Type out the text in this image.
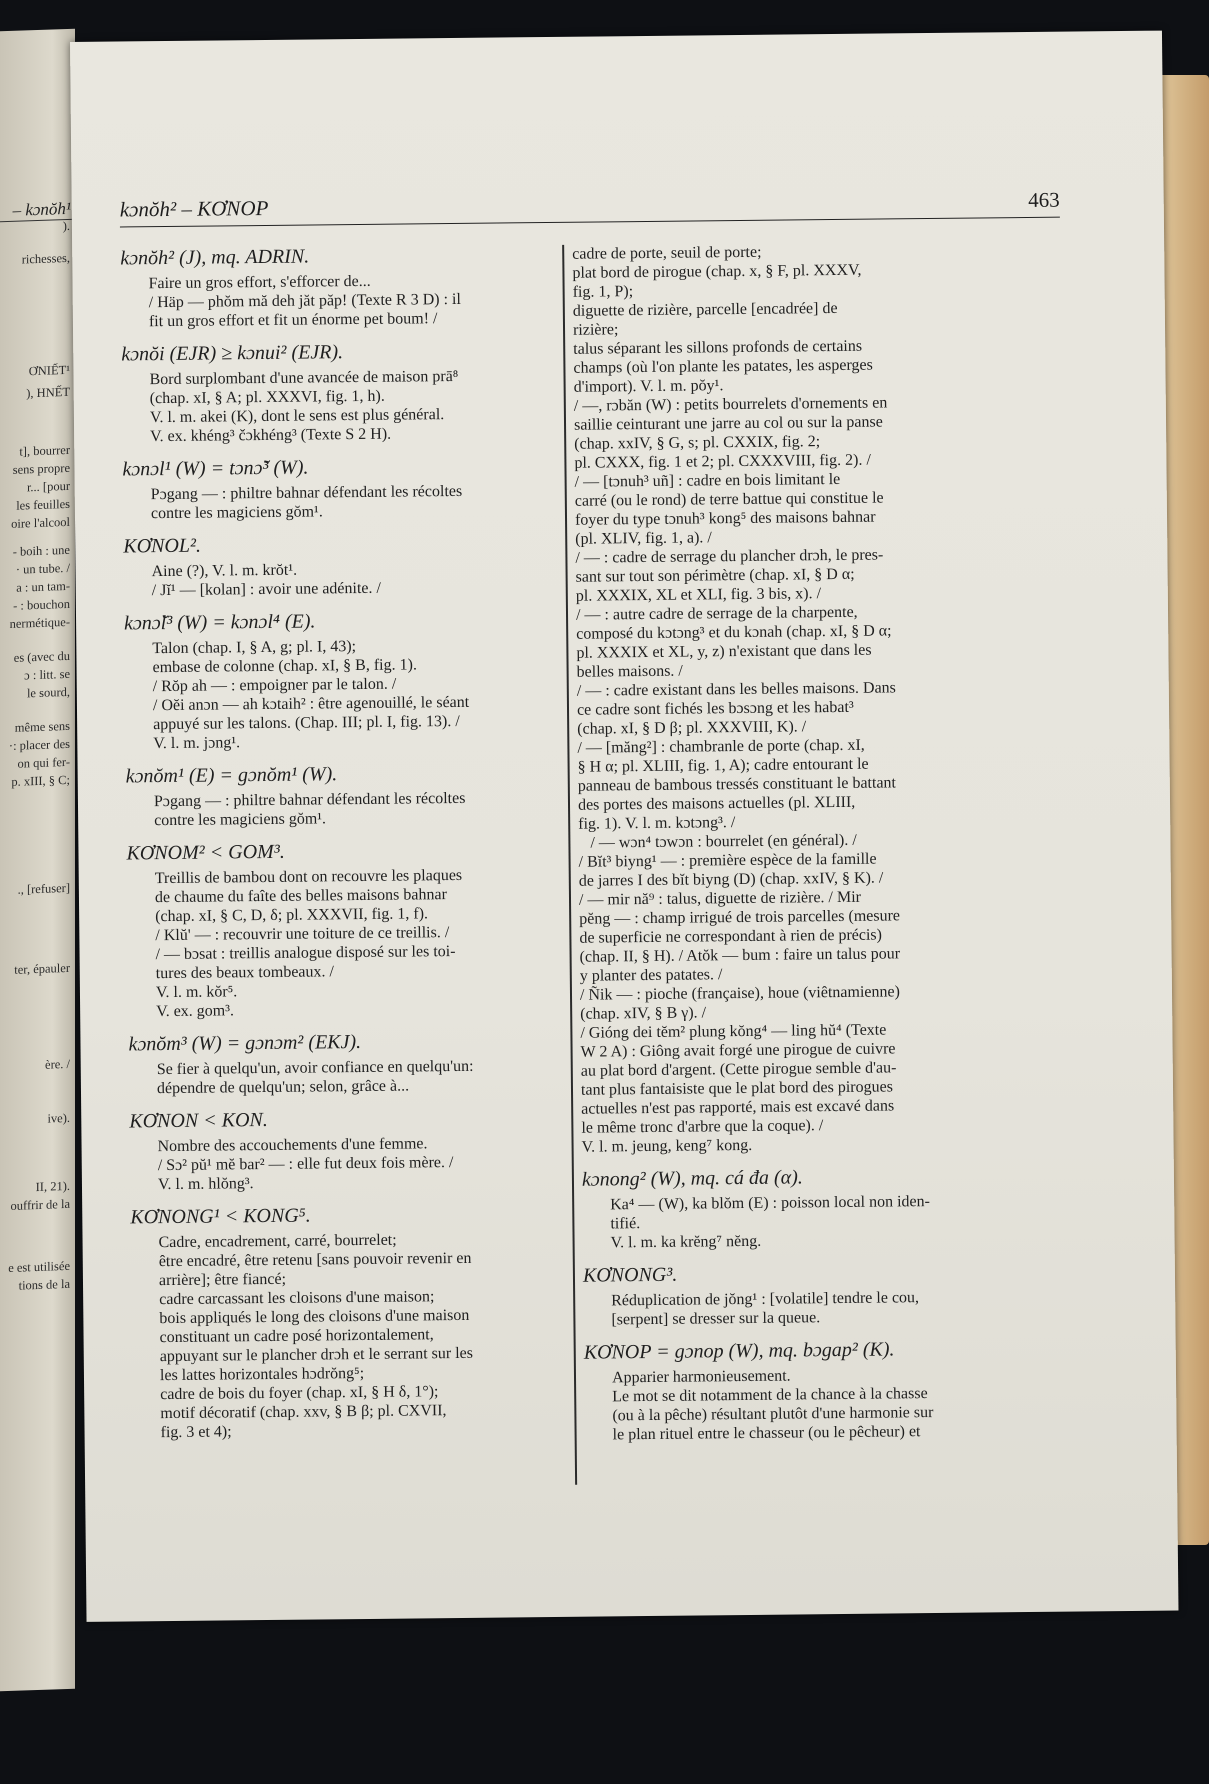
– kɔnŏh¹
).
richesses,
ƠNIẾT¹
), HNẾT
t], bourrer
sens propre
r... [pour
les feuilles
oire l'alcool
- boih : une
· un tube. /
a : un tam-
- : bouchon
nermétique-
es (avec du
ɔ : litt. se
le sourd,
même sens
·: placer des
on qui fer-
p. xIII, § C;
., [refuser]
ter, épauler
ère. /
ive).
II, 21).
ouffrir de la
e est utilisée
tions de la
kɔnŏh² – KƠNOP	463
kɔnŏh² (J), mq. ADRIN.
Faire un gros effort, s'efforcer de...
/ Häp — phŏm mă deh jăt păp! (Texte R 3 D) : il
fit un gros effort et fit un énorme pet boum! /
kɔnŏi (EJR) ≥ kɔnui² (EJR).
Bord surplombant d'une avancée de maison prā⁸
(chap. xI, § A; pl. XXXVI, fig. 1, h).
V. l. m. akei (K), dont le sens est plus général.
V. ex. khéng³ čɔkhéng³ (Texte S 2 H).
kɔnɔl¹ (W) = tɔnɔ̆³ (W).
Pɔgang — : philtre bahnar défendant les récoltes
contre les magiciens gŏm¹.
KƠNOL².
Aine (?), V. l. m. krŏt¹.
/ Jĭ¹ — [kolan] : avoir une adénite. /
kɔnɔ̆l³ (W) = kɔnɔl⁴ (E).
Talon (chap. I, § A, g; pl. I, 43);
embase de colonne (chap. xI, § B, fig. 1).
/ Rŏp ah — : empoigner par le talon. /
/ Oĕi anɔn — ah kɔtaih² : être agenouillé, le séant
appuyé sur les talons. (Chap. III; pl. I, fig. 13). /
V. l. m. jɔng¹.
kɔnŏm¹ (E) = gɔnŏm¹ (W).
Pɔgang — : philtre bahnar défendant les récoltes
contre les magiciens gŏm¹.
KƠNOM² < GOM³.
Treillis de bambou dont on recouvre les plaques
de chaume du faîte des belles maisons bahnar
(chap. xI, § C, D, δ; pl. XXXVII, fig. 1, f).
/ Klŭ' — : recouvrir une toiture de ce treillis. /
/ — bɔsat : treillis analogue disposé sur les toi-
tures des beaux tombeaux. /
V. l. m. kŏr⁵.
V. ex. gom³.
kɔnŏm³ (W) = gɔnɔm² (EKJ).
Se fier à quelqu'un, avoir confiance en quelqu'un:
dépendre de quelqu'un; selon, grâce à...
KƠNON < KON.
Nombre des accouchements d'une femme.
/ Sɔ² pŭ¹ mĕ bar² — : elle fut deux fois mère. /
V. l. m. hlŏng³.
KƠNONG¹ < KONG⁵.
Cadre, encadrement, carré, bourrelet;
être encadré, être retenu [sans pouvoir revenir en
arrière]; être fiancé;
cadre carcassant les cloisons d'une maison;
bois appliqués le long des cloisons d'une maison
constituant un cadre posé horizontalement,
appuyant sur le plancher drɔh et le serrant sur les
les lattes horizontales hɔdrŏng⁵;
cadre de bois du foyer (chap. xI, § H δ, 1°);
motif décoratif (chap. xxv, § B β; pl. CXVII,
fig. 3 et 4);
cadre de porte, seuil de porte;
plat bord de pirogue (chap. x, § F, pl. XXXV,
fig. 1, P);
diguette de rizière, parcelle [encadrée] de
rizière;
talus séparant les sillons profonds de certains
champs (où l'on plante les patates, les asperges
d'import). V. l. m. pŏy¹.
/ —, rɔbăn (W) : petits bourrelets d'ornements en
saillie ceinturant une jarre au col ou sur la panse
(chap. xxIV, § G, s; pl. CXXIX, fig. 2;
pl. CXXX, fig. 1 et 2; pl. CXXXVIII, fig. 2). /
/ — [tɔnuh³ uñ] : cadre en bois limitant le
carré (ou le rond) de terre battue qui constitue le
foyer du type tɔnuh³ kong⁵ des maisons bahnar
(pl. XLIV, fig. 1, a). /
/ — : cadre de serrage du plancher drɔh, le pres-
sant sur tout son périmètre (chap. xI, § D α;
pl. XXXIX, XL et XLI, fig. 3 bis, x). /
/ — : autre cadre de serrage de la charpente,
composé du kɔtɔng³ et du kɔnah (chap. xI, § D α;
pl. XXXIX et XL, y, z) n'existant que dans les
belles maisons. /
/ — : cadre existant dans les belles maisons. Dans
ce cadre sont fichés les bɔsɔng et les habat³
(chap. xI, § D β; pl. XXXVIII, K). /
/ — [măng²] : chambranle de porte (chap. xI,
§ H α; pl. XLIII, fig. 1, A); cadre entourant le
panneau de bambous tressés constituant le battant
des portes des maisons actuelles (pl. XLIII,
fig. 1). V. l. m. kɔtɔng³. /
/ — wɔn⁴ tɔwɔn : bourrelet (en général). /
/ Bĭt³ biyng¹ — : première espèce de la famille
de jarres I des bĭt biyng (D) (chap. xxIV, § K). /
/ — mir nă⁹ : talus, diguette de rizière. / Mir
pĕng — : champ irrigué de trois parcelles (mesure
de superficie ne correspondant à rien de précis)
(chap. II, § H). / Atŏk — bum : faire un talus pour
y planter des patates. /
/ Ñik — : pioche (française), houe (viêtnamienne)
(chap. xIV, § B γ). /
/ Gióng dei tĕm² plung kŏng⁴ — ling hŭ⁴ (Texte
W 2 A) : Giông avait forgé une pirogue de cuivre
au plat bord d'argent. (Cette pirogue semble d'au-
tant plus fantaisiste que le plat bord des pirogues
actuelles n'est pas rapporté, mais est excavé dans
le même tronc d'arbre que la coque). /
V. l. m. jeung, keng⁷ kong.
kɔnong² (W), mq. cá đa (α).
Ka⁴ — (W), ka blŏm (E) : poisson local non iden-
tifié.
V. l. m. ka krĕng⁷ nĕng.
KƠNONG³.
Réduplication de jŏng¹ : [volatile] tendre le cou,
[serpent] se dresser sur la queue.
KƠNOP = gɔnop (W), mq. bɔgap² (K).
Apparier harmonieusement.
Le mot se dit notamment de la chance à la chasse
(ou à la pêche) résultant plutôt d'une harmonie sur
le plan rituel entre le chasseur (ou le pêcheur) et
